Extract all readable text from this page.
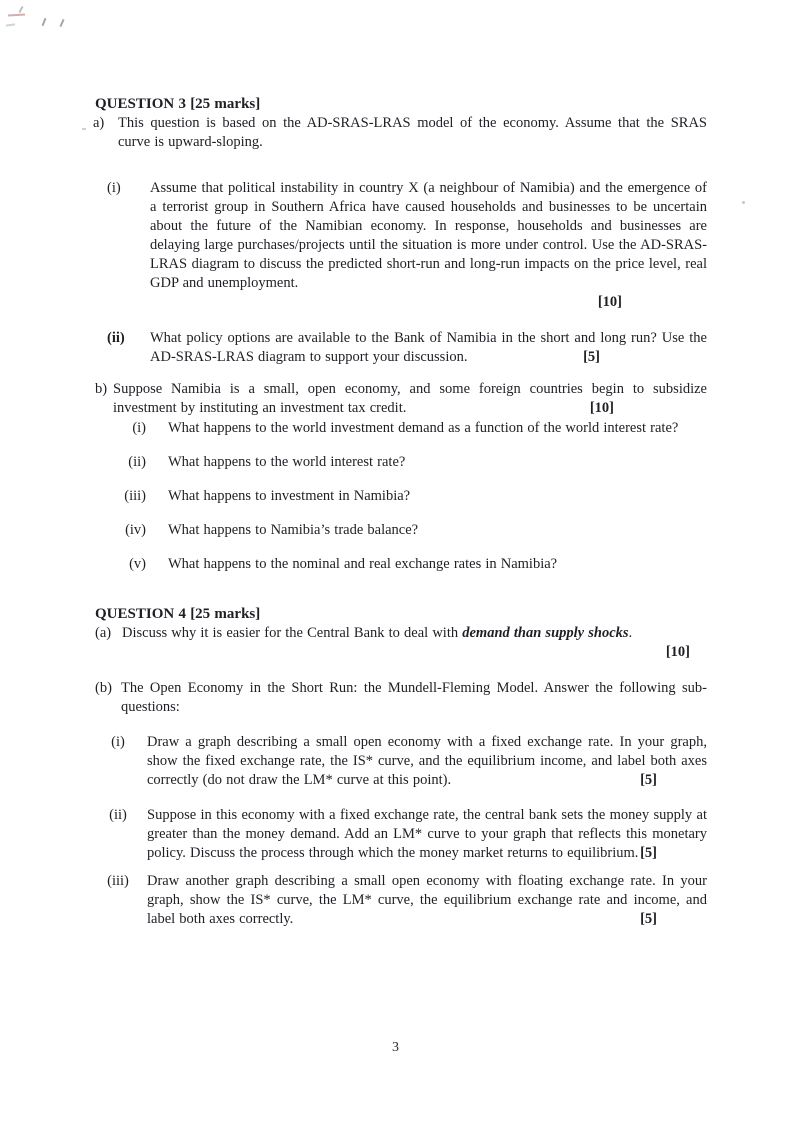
QUESTION 3 [25 marks]
a) This question is based on the AD-SRAS-LRAS model of the economy. Assume that the SRAS curve is upward-sloping.
(i)	Assume that political instability in country X (a neighbour of Namibia) and the emergence of a terrorist group in Southern Africa have caused households and businesses to be uncertain about the future of the Namibian economy. In response, households and businesses are delaying large purchases/projects until the situation is more under control. Use the AD-SRAS-LRAS diagram to discuss the predicted short-run and long-run impacts on the price level, real GDP and unemployment.
[10]
(ii)	What policy options are available to the Bank of Namibia in the short and long run? Use the AD-SRAS-LRAS diagram to support your discussion.	[5]
b) Suppose Namibia is a small, open economy, and some foreign countries begin to subsidize investment by instituting an investment tax credit.	[10]
(i) What happens to the world investment demand as a function of the world interest rate?
(ii) What happens to the world interest rate?
(iii) What happens to investment in Namibia?
(iv) What happens to Namibia’s trade balance?
(v) What happens to the nominal and real exchange rates in Namibia?
QUESTION 4 [25 marks]
(a) Discuss why it is easier for the Central Bank to deal with demand than supply shocks.
[10]
(b) The Open Economy in the Short Run: the Mundell-Fleming Model. Answer the following sub-questions:
(i)	Draw a graph describing a small open economy with a fixed exchange rate. In your graph, show the fixed exchange rate, the IS* curve, and the equilibrium income, and label both axes correctly (do not draw the LM* curve at this point).	[5]
(ii)	Suppose in this economy with a fixed exchange rate, the central bank sets the money supply at greater than the money demand. Add an LM* curve to your graph that reflects this monetary policy. Discuss the process through which the money market returns to equilibrium. [5]
(iii)	Draw another graph describing a small open economy with floating exchange rate. In your graph, show the IS* curve, the LM* curve, the equilibrium exchange rate and income, and label both axes correctly.	[5]
3
